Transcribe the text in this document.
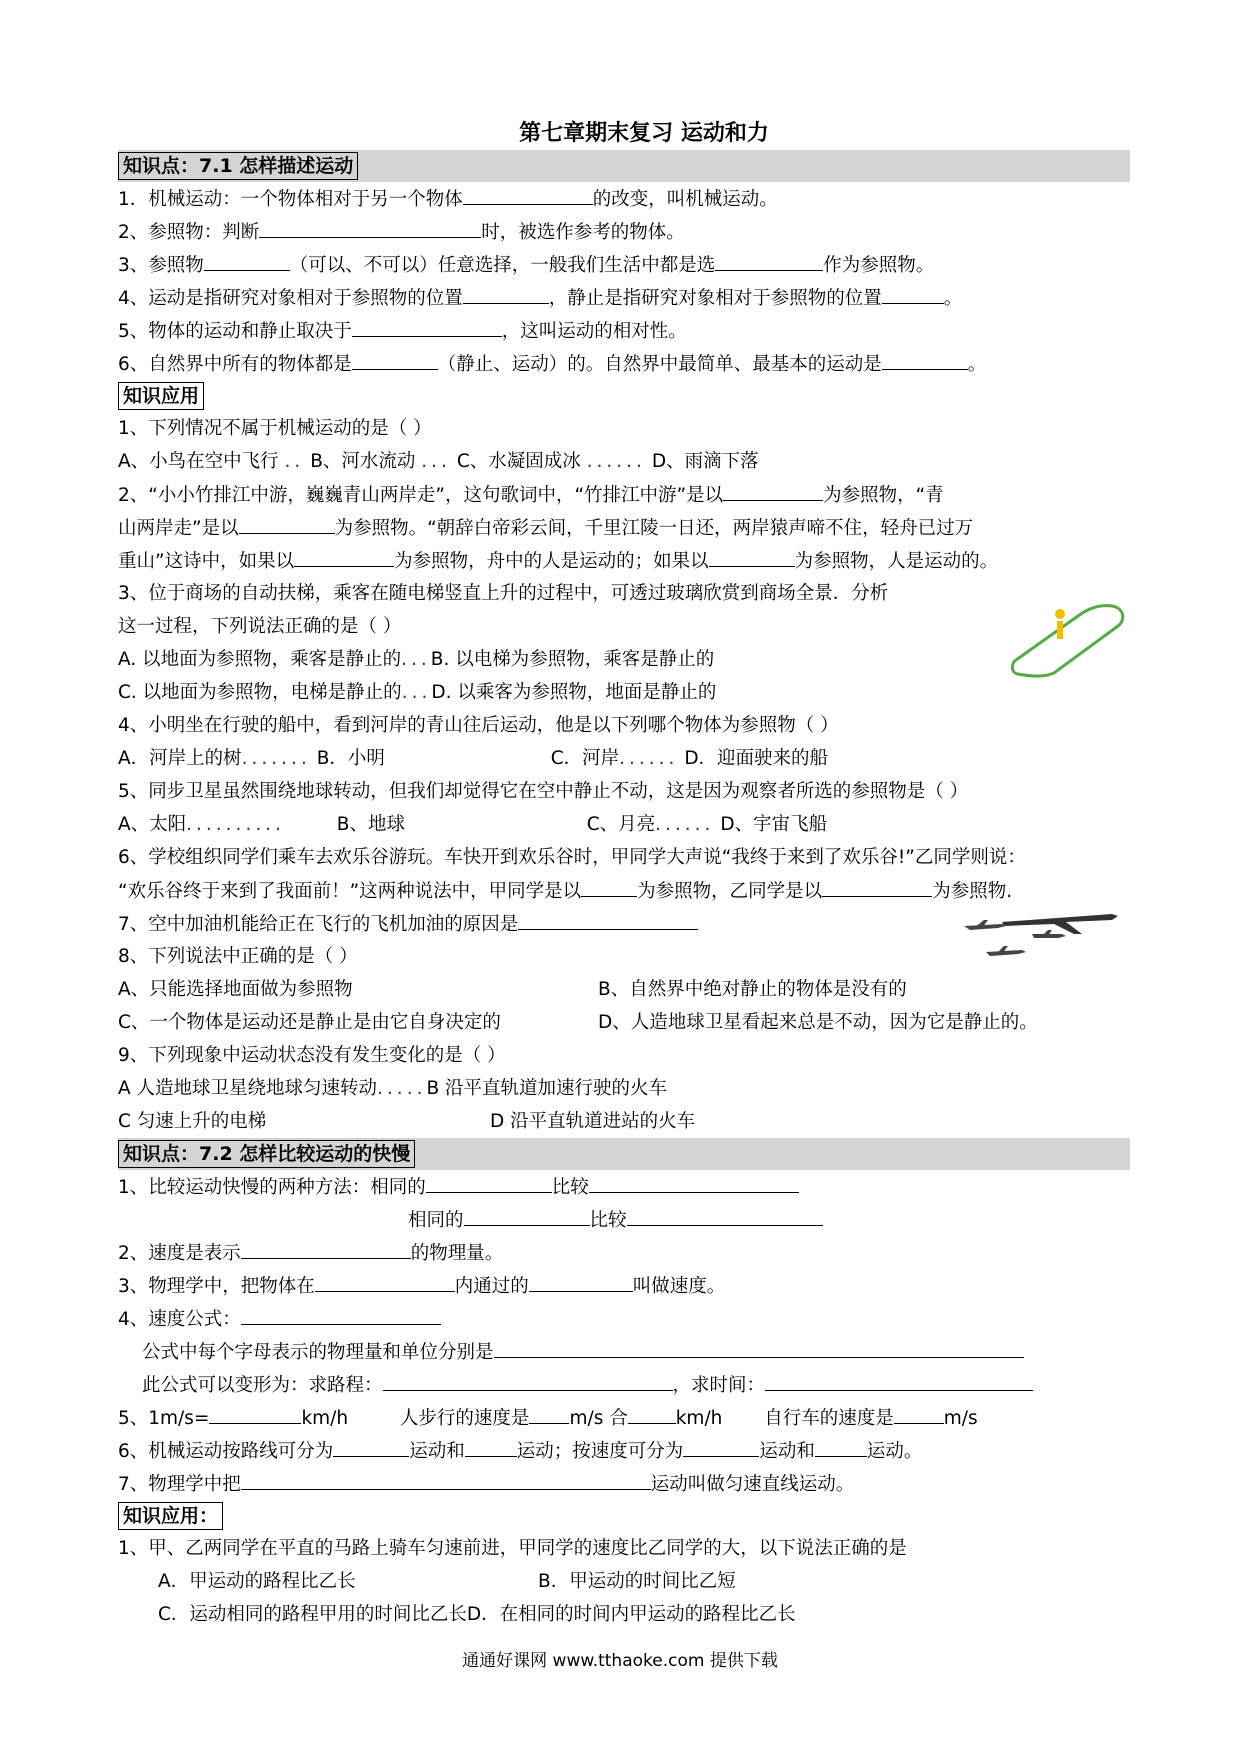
第七章期末复习 运动和力
知识点：7.1 怎样描述运动
1．机械运动：一个物体相对于另一个物体	的改变，叫机械运动。
2、参照物：判断	时，被选作参考的物体。
3、参照物	（可以、不可以）任意选择，一般我们生活中都是选	作为参照物。
4、运动是指研究对象相对于参照物的位置	，静止是指研究对象相对于参照物的位置	。
5、物体的运动和静止取决于	，这叫运动的相对性。
6、自然界中所有的物体都是	（静止、运动）的。自然界中最简单、最基本的运动是	。
知识应用
1、下列情况不属于机械运动的是（ ）
A、小鸟在空中飞行 .. B、河水流动 ... C、水凝固成冰 ...... D、雨滴下落
2、“小小竹排江中游，巍巍青山两岸走”，这句歌词中，“竹排江中游”是以	为参照物，“青
山两岸走”是以	为参照物。“朝辞白帝彩云间，千里江陵一日还，两岸猿声啼不住，轻舟已过万
重山”这诗中，如果以	为参照物，舟中的人是运动的；如果以	为参照物，人是运动的。
3、位于商场的自动扶梯，乘客在随电梯竖直上升的过程中，可透过玻璃欣赏到商场全景．分析
这一过程，下列说法正确的是（ ）
A. 以地面为参照物，乘客是静止的...B. 以电梯为参照物，乘客是静止的
C. 以地面为参照物，电梯是静止的...D. 以乘客为参照物，地面是静止的
4、小明坐在行驶的船中，看到河岸的青山往后运动，他是以下列哪个物体为参照物（ ）
A．河岸上的树....... B．小明	C．河岸...... D．迎面驶来的船
5、同步卫星虽然围绕地球转动，但我们却觉得它在空中静止不动，这是因为观察者所选的参照物是（ ）
A、太阳..........	B、地球	C、月亮...... D、宇宙飞船
6、学校组织同学们乘车去欢乐谷游玩。车快开到欢乐谷时，甲同学大声说“我终于来到了欢乐谷!”乙同学则说：
“欢乐谷终于来到了我面前！”这两种说法中，甲同学是以	为参照物，乙同学是以	为参照物.
7、空中加油机能给正在飞行的飞机加油的原因是
8、下列说法中正确的是（ ）
A、只能选择地面做为参照物	B、自然界中绝对静止的物体是没有的
C、一个物体是运动还是静止是由它自身决定的	D、人造地球卫星看起来总是不动，因为它是静止的。
9、下列现象中运动状态没有发生变化的是（ ）
A 人造地球卫星绕地球匀速转动.....B 沿平直轨道加速行驶的火车
C 匀速上升的电梯	D 沿平直轨道进站的火车
知识点：7.2 怎样比较运动的快慢
1、比较运动快慢的两种方法：相同的	比较
相同的	比较
2、速度是表示	的物理量。
3、物理学中，把物体在	内通过的	叫做速度。
4、速度公式：
公式中每个字母表示的物理量和单位分别是
此公式可以变形为：求路程：	，求时间：
5、1m/s=	km/h	人步行的速度是 m/s 合	km/h 自行车的速度是	m/s
6、机械运动按路线可分为	运动和	运动；按速度可分为	运动和	运动。
7、物理学中把	运动叫做匀速直线运动。
知识应用：
1、甲、乙两同学在平直的马路上骑车匀速前进，甲同学的速度比乙同学的大，以下说法正确的是
A．甲运动的路程比乙长	B．甲运动的时间比乙短
C．运动相同的路程甲用的时间比乙长D．在相同的时间内甲运动的路程比乙长
通通好课网 www.tthaoke.com 提供下载
